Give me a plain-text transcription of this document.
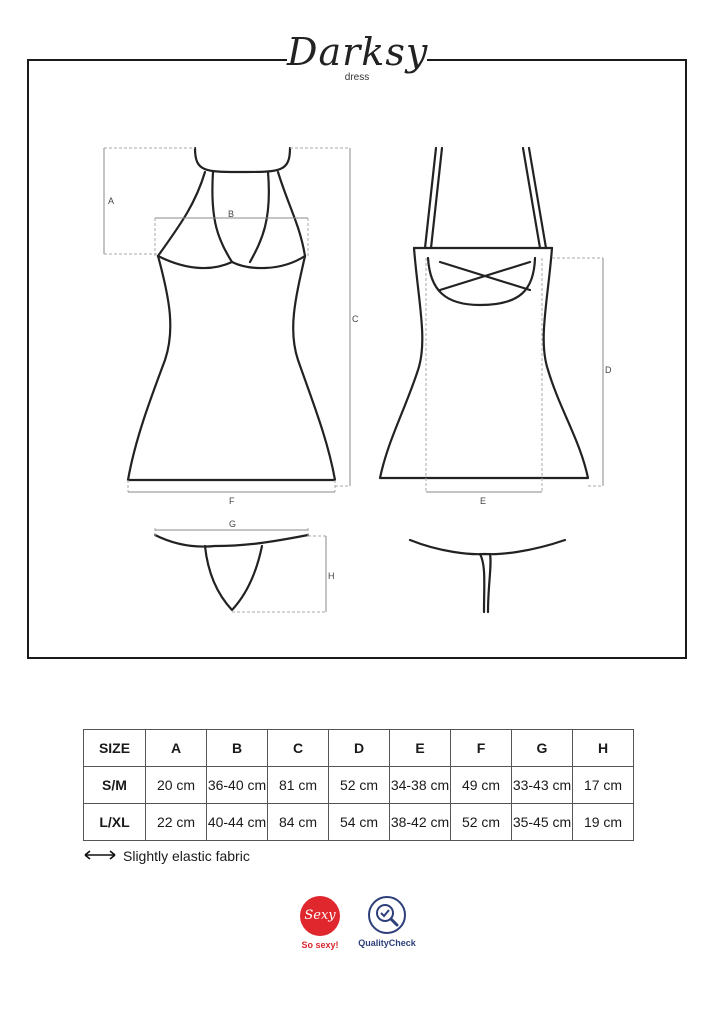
A
B
C
D
E
F
G
H
Darksy
dress
SIZE	A	B	C	D	E	F	G	H
S/M	20 cm	36-40 cm	81 cm	52 cm	34-38 cm	49 cm	33-43 cm	17 cm
L/XL	22 cm	40-44 cm	84 cm	54 cm	38-42 cm	52 cm	35-45 cm	19 cm
Slightly elastic fabric
Sexy
So sexy!	QualityCheck
